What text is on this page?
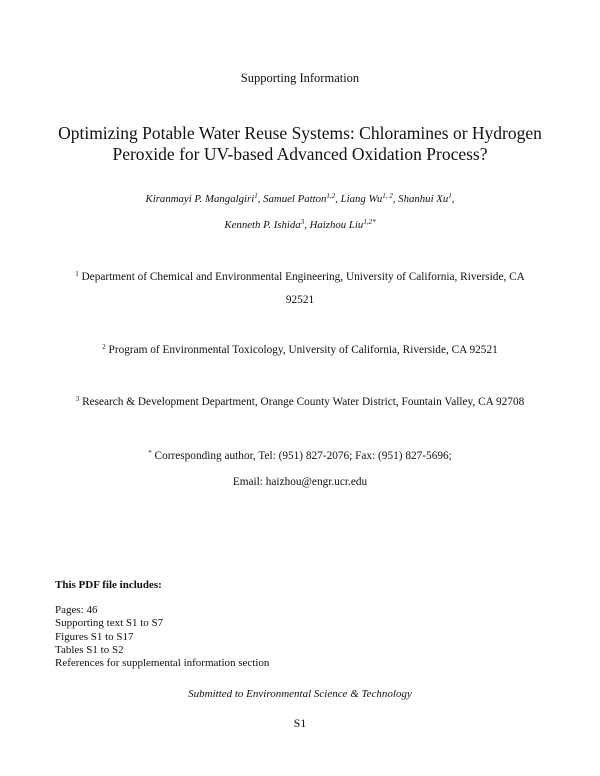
Supporting Information
Optimizing Potable Water Reuse Systems: Chloramines or Hydrogen
Peroxide for UV-based Advanced Oxidation Process?
Kiranmayi P. Mangalgiri$^1$, Samuel Patton$^{1,2}$, Liang Wu$^{1, 2}$, Shanhui Xu$^1$,
Kenneth P. Ishida$^3$, Haizhou Liu$^{1,2*}$
$^1$ Department of Chemical and Environmental Engineering, University of California, Riverside, CA
92521
$^2$ Program of Environmental Toxicology, University of California, Riverside, CA 92521
$^3$ Research & Development Department, Orange County Water District, Fountain Valley, CA 92708
* Corresponding author, Tel: (951) 827-2076; Fax: (951) 827-5696;
Email: haizhou@engr.ucr.edu
This PDF file includes:
Pages: 46
Supporting text S1 to S7
Figures S1 to S17
Tables S1 to S2
References for supplemental information section
Submitted to Environmental Science & Technology
S1
